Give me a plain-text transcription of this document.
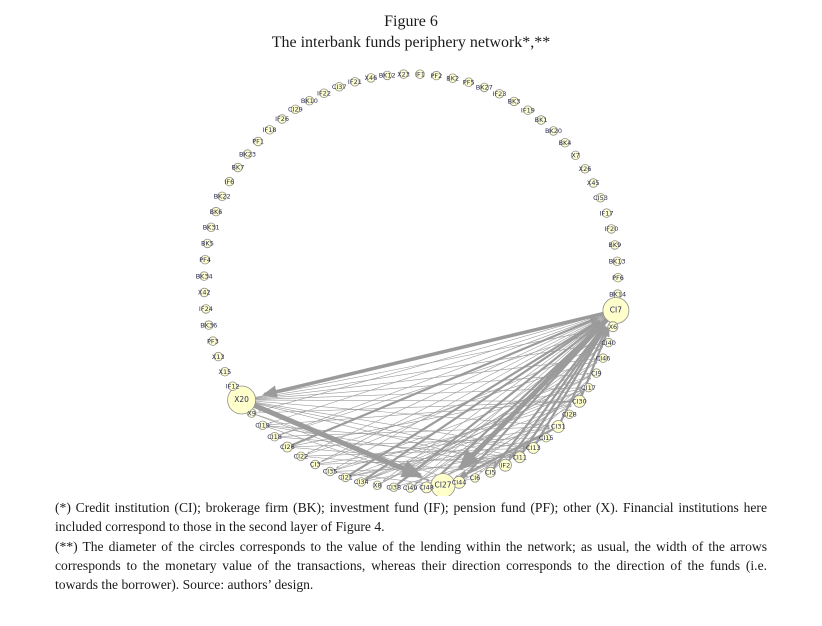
Figure 6
The interbank funds periphery network*,**
IF1 PF2 BK2 PF5
BK27
IF23
BK3
IF19
BK1
BK20
BK4
X7
X26
X45
CI53
IF17
IF20
BK9
BK13
PF6
BK14
CI7
X6
CI40
CI46
CI9
CI17
CI30
CI28
CI31
CI15
CI13
CI11
IF2
CI5
CI6
CI44
CI27
CI48
CI49
CI38
X8
CI34
CI21
CI35
CI3
CI22
CI26
CI18
CI19
X9
X20
IF12
X15
X13
PF3
BK36
IF24
X42
BK34
PF4
BK5
BK31
BK6
BK22
IF6
BK7
BK23
PF1
IF18
IF26
CI29
BK10
IF22
CI37
IF21 X46 BK12 X23

(*) Credit institution (CI); brokerage firm (BK); investment fund (IF); pension fund (PF); other (X). Financial institutions here included correspond to those in the second layer of Figure 4.

(**) The diameter of the circles corresponds to the value of the lending within the network; as usual, the width of the arrows corresponds to the monetary value of the transactions, whereas their direction corresponds to the direction of the funds (i.e. towards the borrower). Source: authors’ design.
